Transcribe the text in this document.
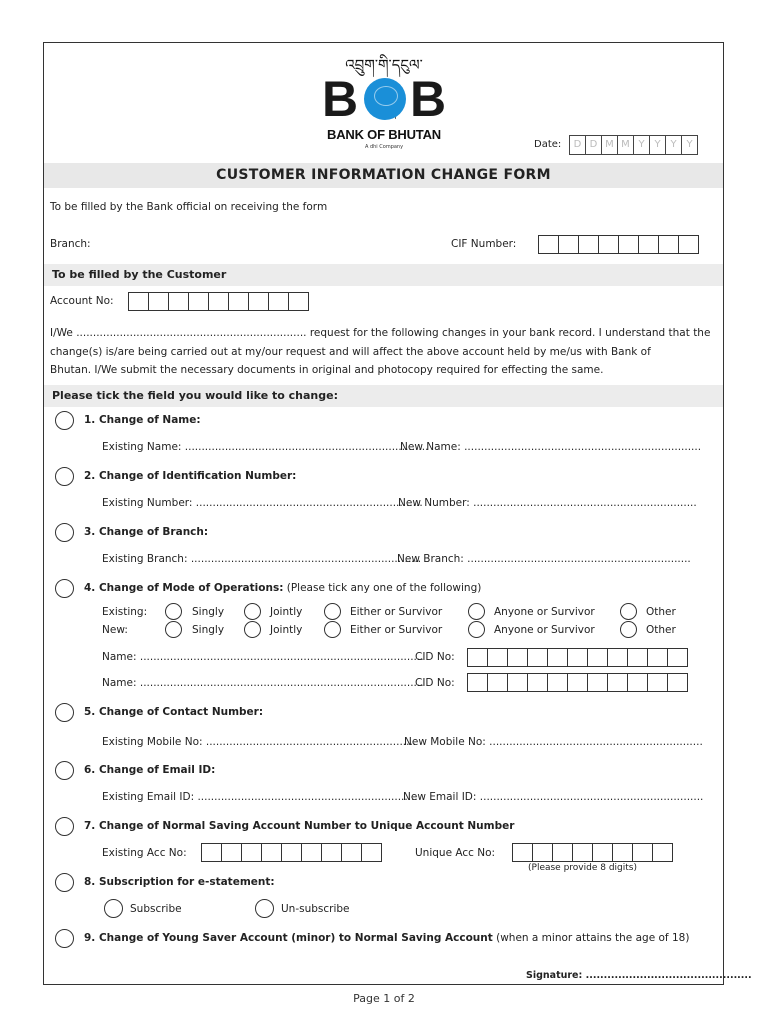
འབྲུག་གི་དངུལ་
B B
BANK OF BHUTAN
A dhi Company	Date:	D D M M Y Y Y Y
CUSTOMER INFORMATION CHANGE FORM
To be filled by the Bank official on receiving the form
Branch:	CIF Number:
To be filled by the Customer
Account No:
I/We ..................................................................... request for the following changes in your bank record. I understand that the
change(s) is/are being carried out at my/our request and will affect the above account held by me/us with Bank of
Bhutan. I/We submit the necessary documents in original and photocopy required for effecting the same.
Please tick the field you would like to change:
1. Change of Name:
Existing Name: .........................................................................
New Name: .......................................................................
2. Change of Identification Number:
Existing Number: ....................................................................
New Number: ...................................................................
3. Change of Branch:
Existing Branch: .....................................................................
New Branch: ...................................................................
4. Change of Mode of Operations: (Please tick any one of the following)
Existing:	Singly	Jointly	Either or Survivor	Anyone or Survivor	Other
New:	Singly	Jointly	Either or Survivor	Anyone or Survivor	Other
Name: .....................................................................................
CID No:
Name: .....................................................................................
CID No:
5. Change of Contact Number:
Existing Mobile No: ...............................................................
New Mobile No: ................................................................
6. Change of Email ID:
Existing Email ID: ..................................................................
New Email ID: ...................................................................
7. Change of Normal Saving Account Number to Unique Account Number
Existing Acc No:	Unique Acc No:
(Please provide 8 digits)
8. Subscription for e-statement:
Subscribe	Un-subscribe
9. Change of Young Saver Account (minor) to Normal Saving Account (when a minor attains the age of 18)
Signature: ..............................................
Page 1 of 2
